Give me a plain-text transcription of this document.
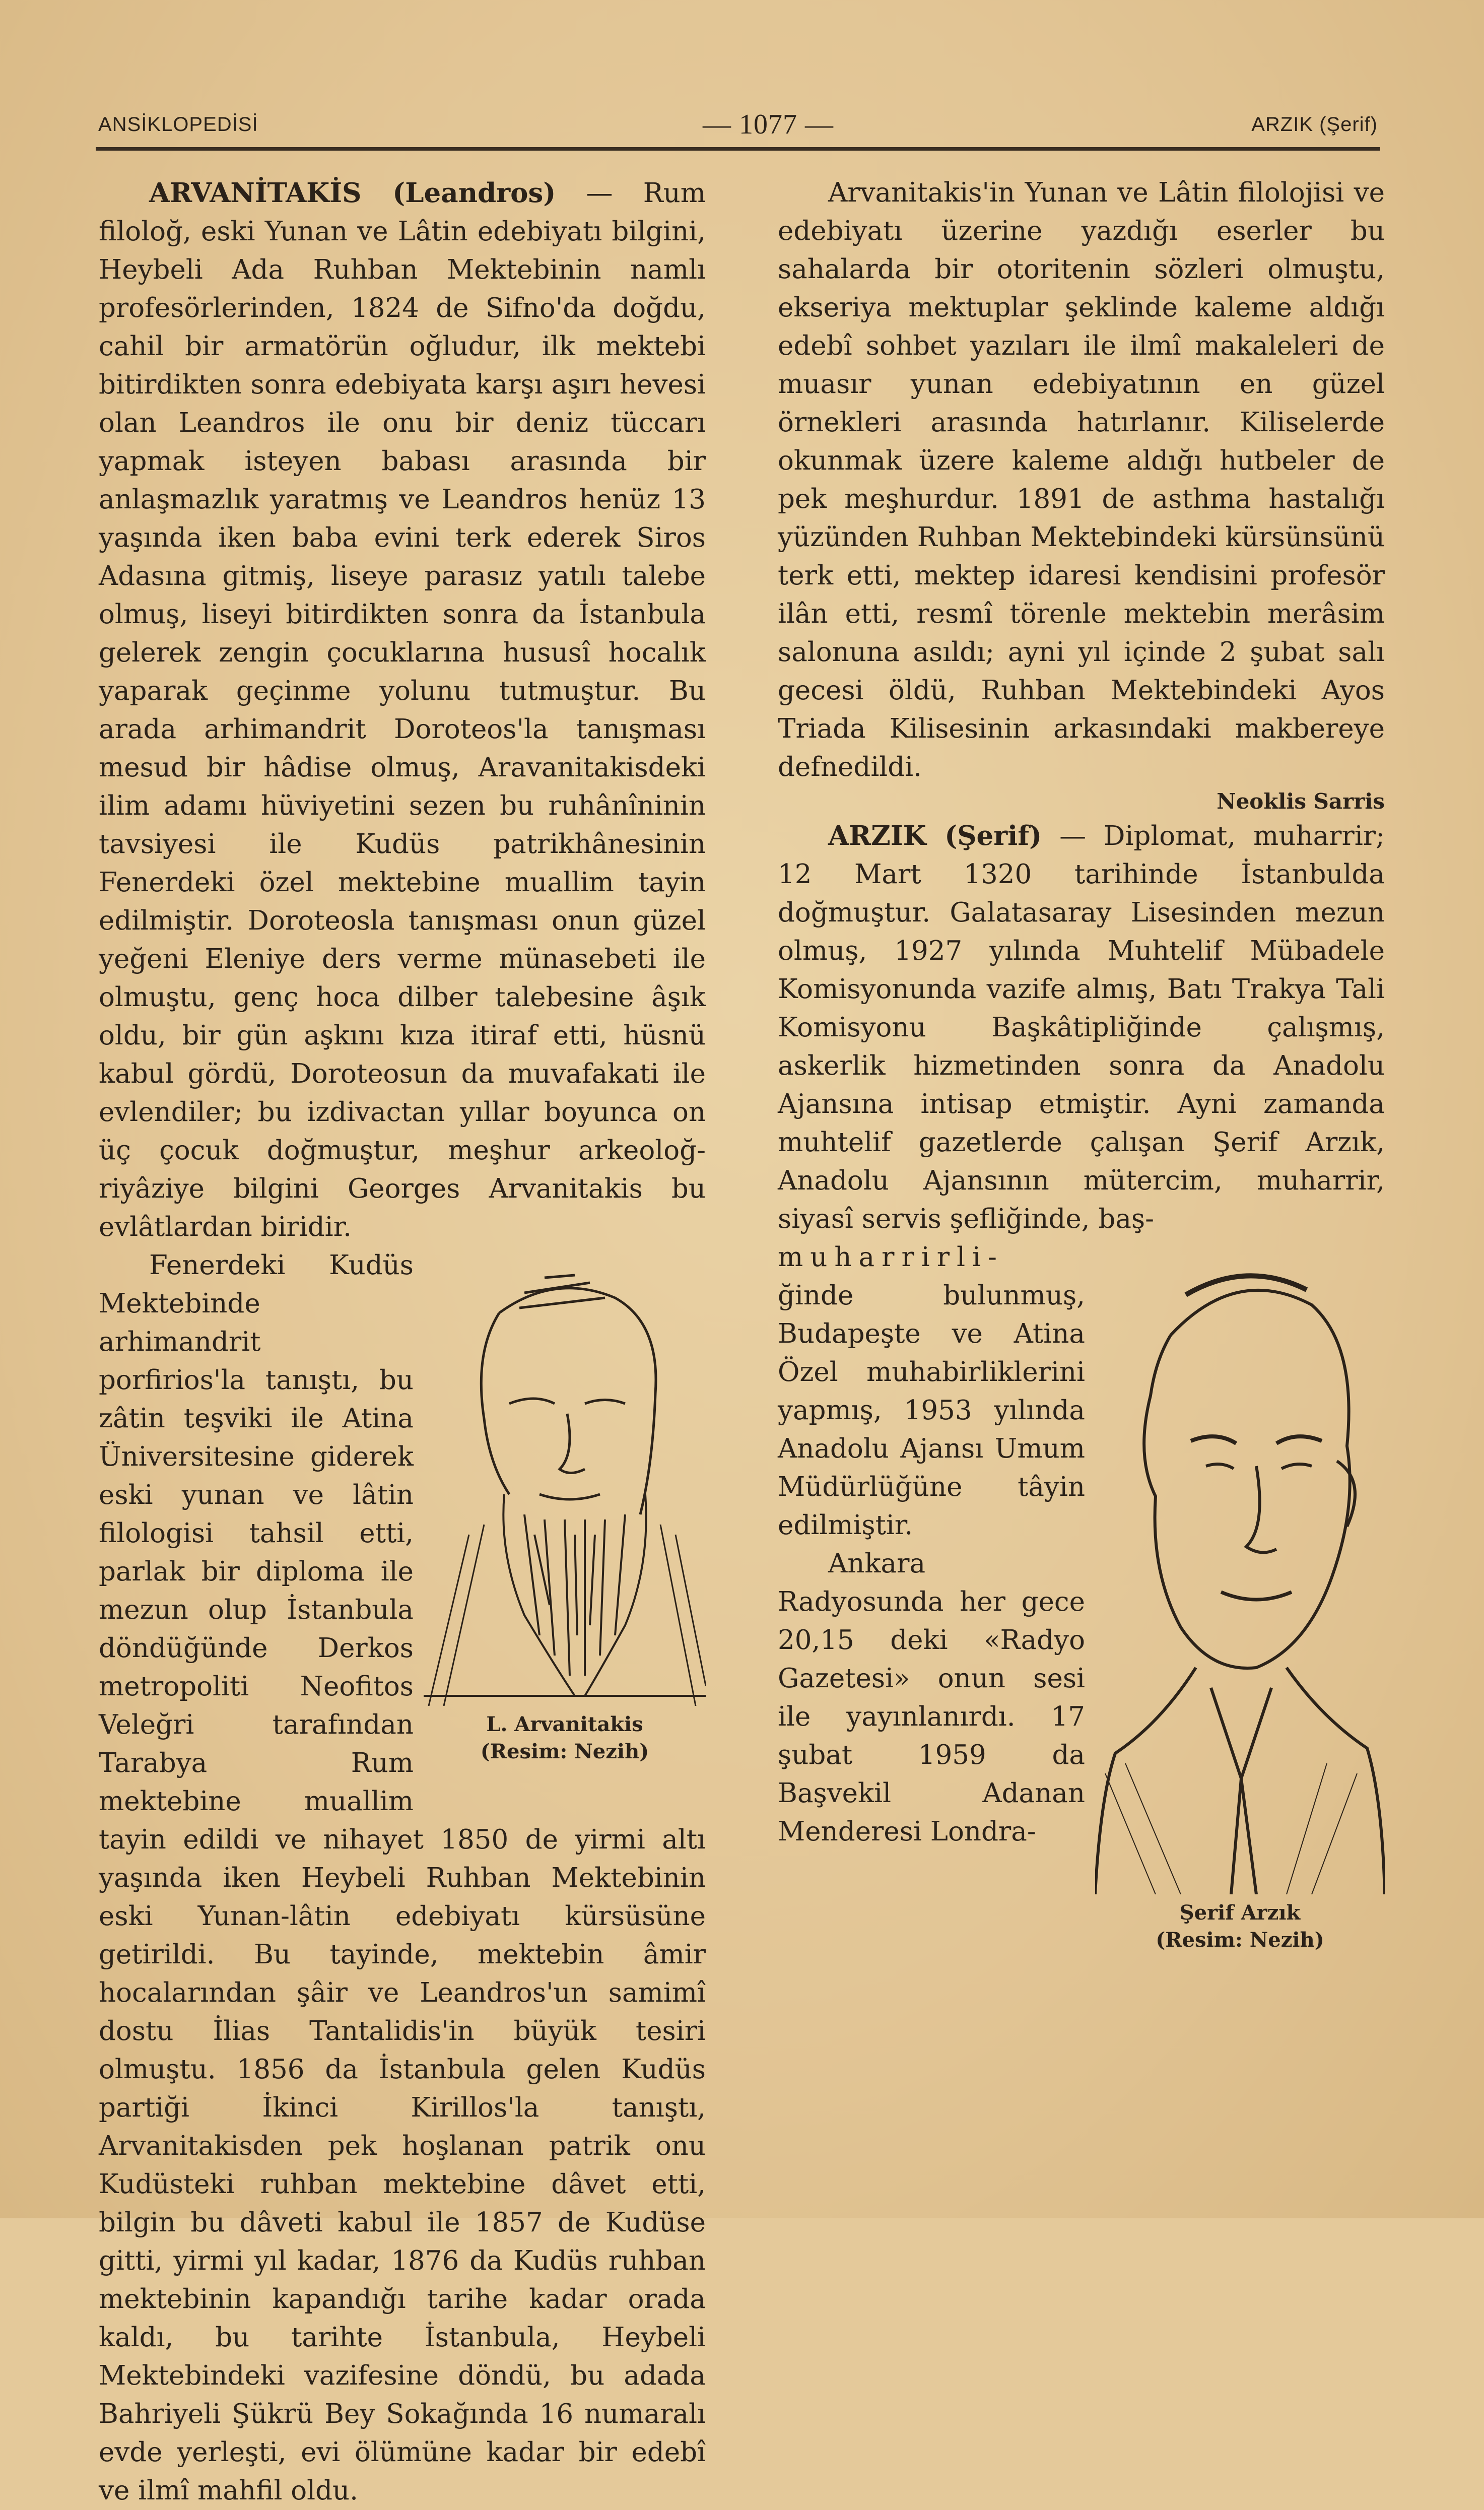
ANSİKLOPEDİSİ	— 1077 —	ARZIK (Şerif)

ARVANİTAKİS (Leandros) — Rum filoloğ, eski Yunan ve Lâtin edebiyatı bilgini, Heybeli Ada Ruhban Mektebinin namlı profesörlerinden, 1824 de Sifno'da doğdu, cahil bir armatörün oğludur, ilk mektebi bitirdikten sonra edebiyata karşı aşırı hevesi olan Leandros ile onu bir deniz tüccarı yapmak isteyen babası arasında bir anlaşmazlık yaratmış ve Leandros henüz 13 yaşında iken baba evini terk ederek Siros Adasına gitmiş, liseye parasız yatılı talebe olmuş, liseyi bitirdikten sonra da İstanbula gelerek zengin çocuklarına hususî hocalık yaparak geçinme yolunu tutmuştur. Bu arada arhimandrit Doroteos'la tanışması mesud bir hâdise olmuş, Aravanitakisdeki ilim adamı hüviyetini sezen bu ruhânîninin tavsiyesi ile Kudüs patrikhânesinin Fenerdeki özel mektebine muallim tayin edilmiştir. Doroteosla tanışması onun güzel yeğeni Eleniye ders verme münasebeti ile olmuştu, genç hoca dilber talebesine âşık oldu, bir gün aşkını kıza itiraf etti, hüsnü kabul gördü, Doroteosun da muvafakati ile evlendiler; bu izdivactan yıllar boyunca on üç çocuk doğmuştur, meşhur arkeoloğ-riyâziye bilgini Georges Arvanitakis bu evlâtlardan biridir.

L. Arvanitakis
(Resim: Nezih)

Fenerdeki Kudüs Mektebinde arhimandrit porfirios'la tanıştı, bu zâtin teşviki ile Atina Üniversitesine giderek eski yunan ve lâtin filologisi tahsil etti, parlak bir diploma ile mezun olup İstanbula döndüğünde Derkos metropoliti Neofitos Veleğri tarafından Tarabya Rum mektebine muallim tayin edildi ve nihayet 1850 de yirmi altı yaşında iken Heybeli Ruhban Mektebinin eski Yunan-lâtin edebiyatı kürsüsüne getirildi. Bu tayinde, mektebin âmir hocalarından şâir ve Leandros'un samimî dostu İlias Tantalidis'in büyük tesiri olmuştu. 1856 da İstanbula gelen Kudüs partiği İkinci Kirillos'la tanıştı, Arvanitakisden pek hoşlanan patrik onu Kudüsteki ruhban mektebine dâvet etti, bilgin bu dâveti kabul ile 1857 de Kudüse gitti, yirmi yıl kadar, 1876 da Kudüs ruhban mektebinin kapandığı tarihe kadar orada kaldı, bu tarihte İstanbula, Heybeli Mektebindeki vazifesine döndü, bu adada Bahriyeli Şükrü Bey Sokağında 16 numaralı evde yerleşti, evi ölümüne kadar bir edebî ve ilmî mahfil oldu.

Arvanitakis'in Yunan ve Lâtin filolojisi ve edebiyatı üzerine yazdığı eserler bu sahalarda bir otoritenin sözleri olmuştu, ekseriya mektuplar şeklinde kaleme aldığı edebî sohbet yazıları ile ilmî makaleleri de muasır yunan edebiyatının en güzel örnekleri arasında hatırlanır. Kiliselerde okunmak üzere kaleme aldığı hutbeler de pek meşhurdur. 1891 de asthma hastalığı yüzünden Ruhban Mektebindeki kürsünsünü terk etti, mektep idaresi kendisini profesör ilân etti, resmî törenle mektebin merâsim salonuna asıldı; ayni yıl içinde 2 şubat salı gecesi öldü, Ruhban Mektebindeki Ayos Triada Kilisesinin arkasındaki makbereye defnedildi.

Neoklis Sarris

ARZIK (Şerif) — Diplomat, muharrir; 12 Mart 1320 tarihinde İstanbulda doğmuştur. Galatasaray Lisesinden mezun olmuş, 1927 yılında Muhtelif Mübadele Komisyonunda vazife almış, Batı Trakya Tali Komisyonu Başkâtipliğinde çalışmış, askerlik hizmetinden sonra da Anadolu Ajansına intisap etmiştir. Ayni zamanda muhtelif gazetlerde çalışan Şerif Arzık, Anadolu Ajansının mütercim, muharrir, siyasî servis şefliğinde, baş-

Şerif Arzık
(Resim: Nezih)

muharrirli- ğinde bulunmuş, Budapeşte ve Atina Özel muhabirliklerini yapmış, 1953 yılında Anadolu Ajansı Umum Müdürlüğüne tâyin edilmiştir.

Ankara Radyosunda her gece 20,15 deki «Radyo Gazetesi» onun sesi ile yayınlanırdı. 17 şubat 1959 da Başvekil Adanan Menderesi Londra-
